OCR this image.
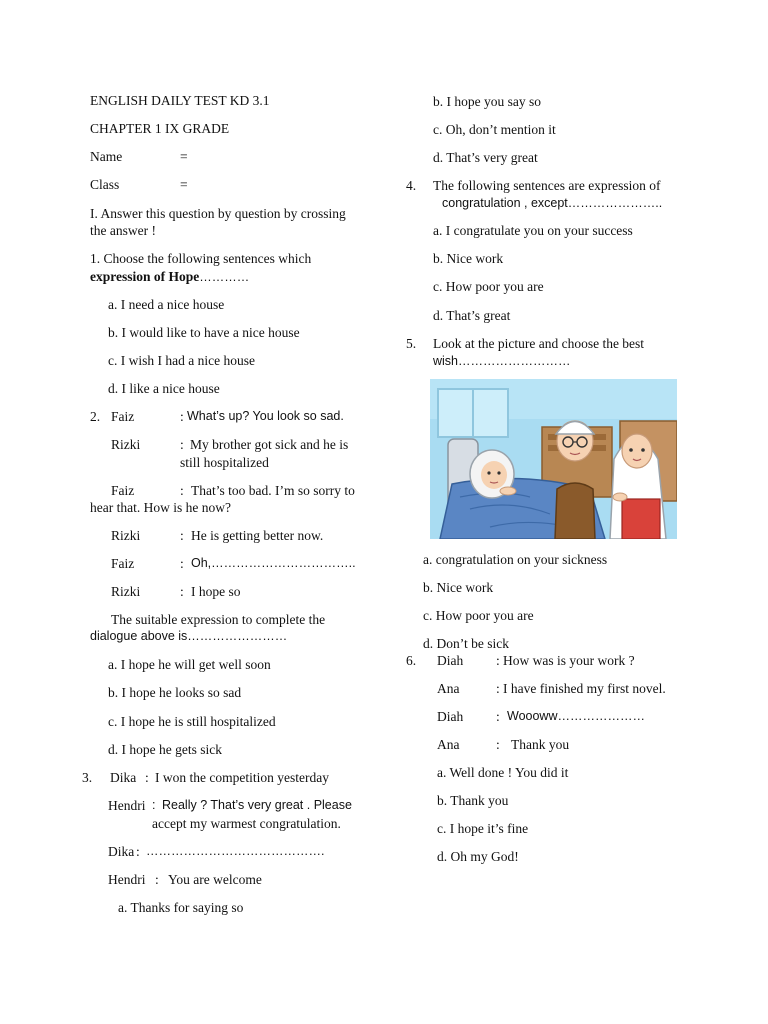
ENGLISH DAILY TEST KD 3.1
CHAPTER 1 IX GRADE
Name	=
Class	=
I. Answer this question by question by crossing
the answer !
1. Choose the following sentences which
expression of Hope…………
a. I need a nice house
b. I would like to have a nice house
c. I wish I had a nice house
d. I like a nice house
2. Faiz	: What’s up? You look so sad.
Rizki	: My brother got sick and he is
still hospitalized
Faiz	: That’s too bad. I’m so sorry to
hear that. How is he now?
Rizki	: He is getting better now.
Faiz	: Oh,……………………………..
Rizki	: I hope so
The suitable expression to complete the
dialogue above is……………………
a. I hope he will get well soon
b. I hope he looks so sad
c. I hope he is still hospitalized
d. I hope he gets sick
3. Dika : I won the competition yesterday
Hendri : Really ? That’s very great . Please
accept my warmest congratulation.
Dika : …………………………………….
Hendri : You are welcome
a. Thanks for saying so
b. I hope you say so
c. Oh, don’t mention it
d. That’s very great
4. The following sentences are expression of
congratulation , except…………………..
a. I congratulate you on your success
b. Nice work
c. How poor you are
d. That’s great
5. Look at the picture and choose the best
wish………………………
a. congratulation on your sickness
b. Nice work
c. How poor you are
d. Don’t be sick
6. Diah : How was is your work ?
Ana	: I have finished my first novel.
Diah : Woooww…………………
Ana	: Thank you
a. Well done ! You did it
b. Thank you
c. I hope it’s fine
d. Oh my God!
